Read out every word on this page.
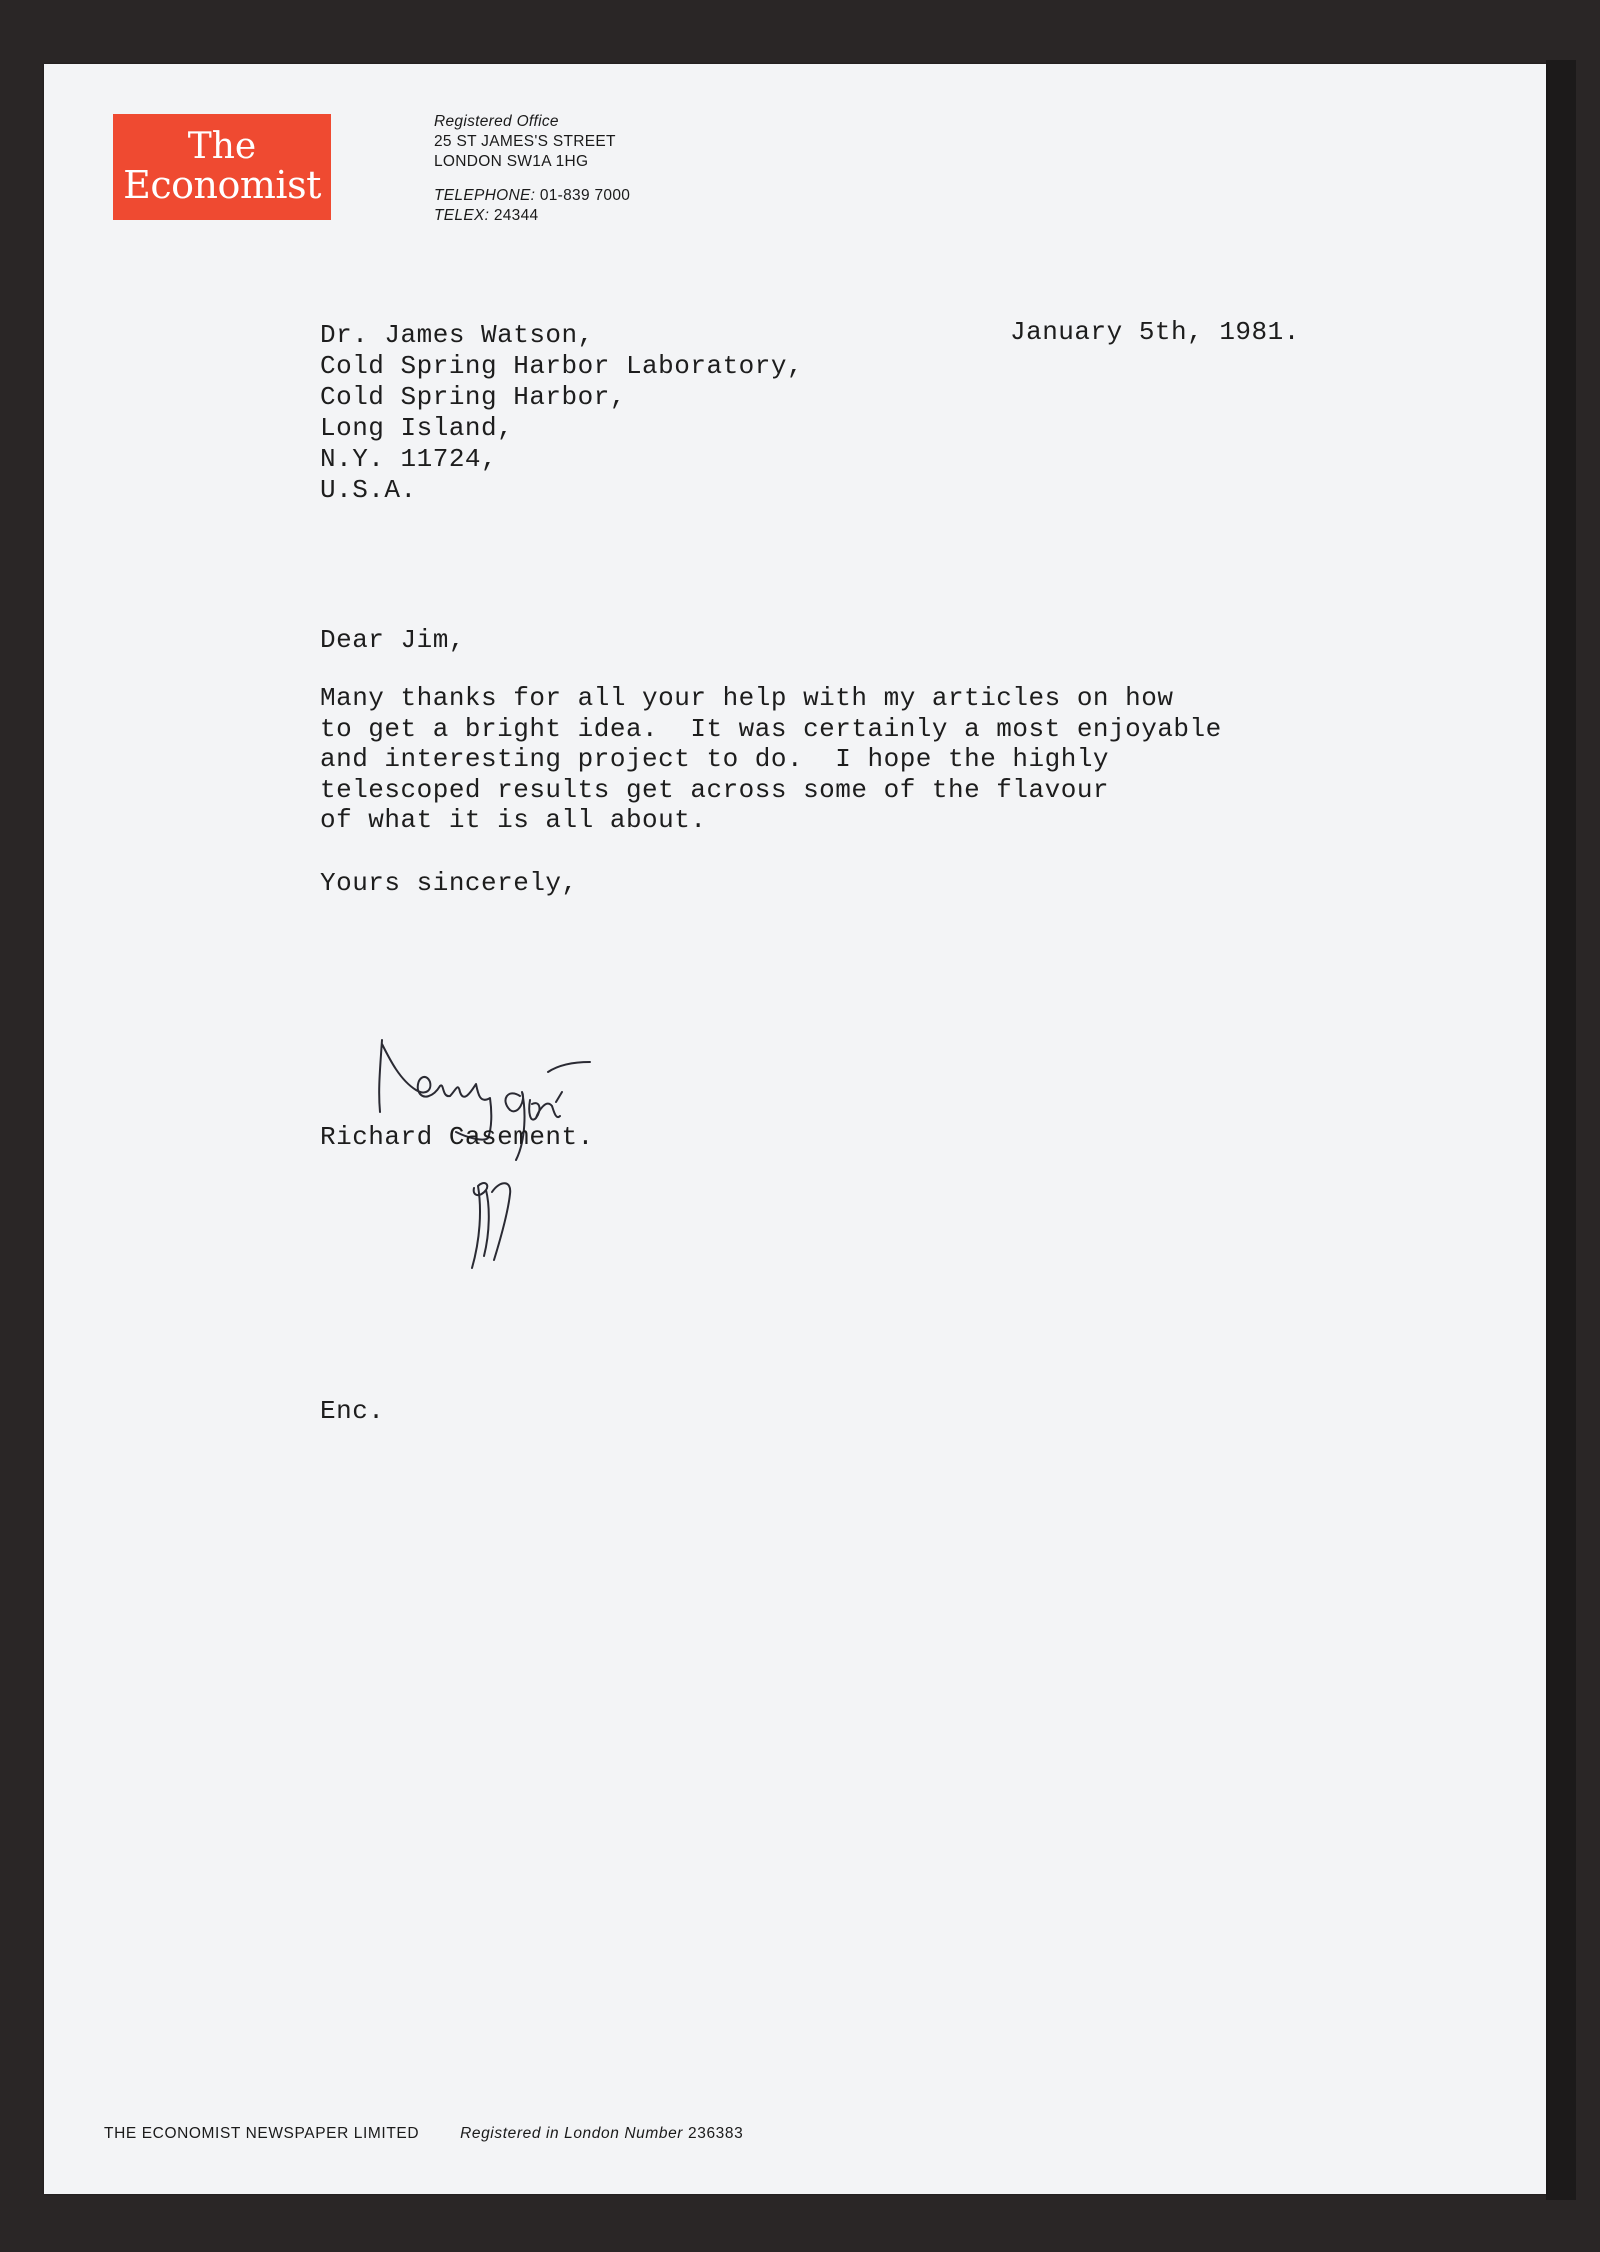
The
Economist
Registered Office
25 ST JAMES'S STREET
LONDON SW1A 1HG
TELEPHONE: 01-839 7000
TELEX: 24344
January 5th, 1981.
Dr. James Watson,
Cold Spring Harbor Laboratory,
Cold Spring Harbor,
Long Island,
N.Y. 11724,
U.S.A.
Dear Jim,
Many thanks for all your help with my articles on how
to get a bright idea.  It was certainly a most enjoyable
and interesting project to do.  I hope the highly
telescoped results get across some of the flavour
of what it is all about.
Yours sincerely,
Richard Casement.
Enc.
THE ECONOMIST NEWSPAPER LIMITED	Registered in London Number 236383
